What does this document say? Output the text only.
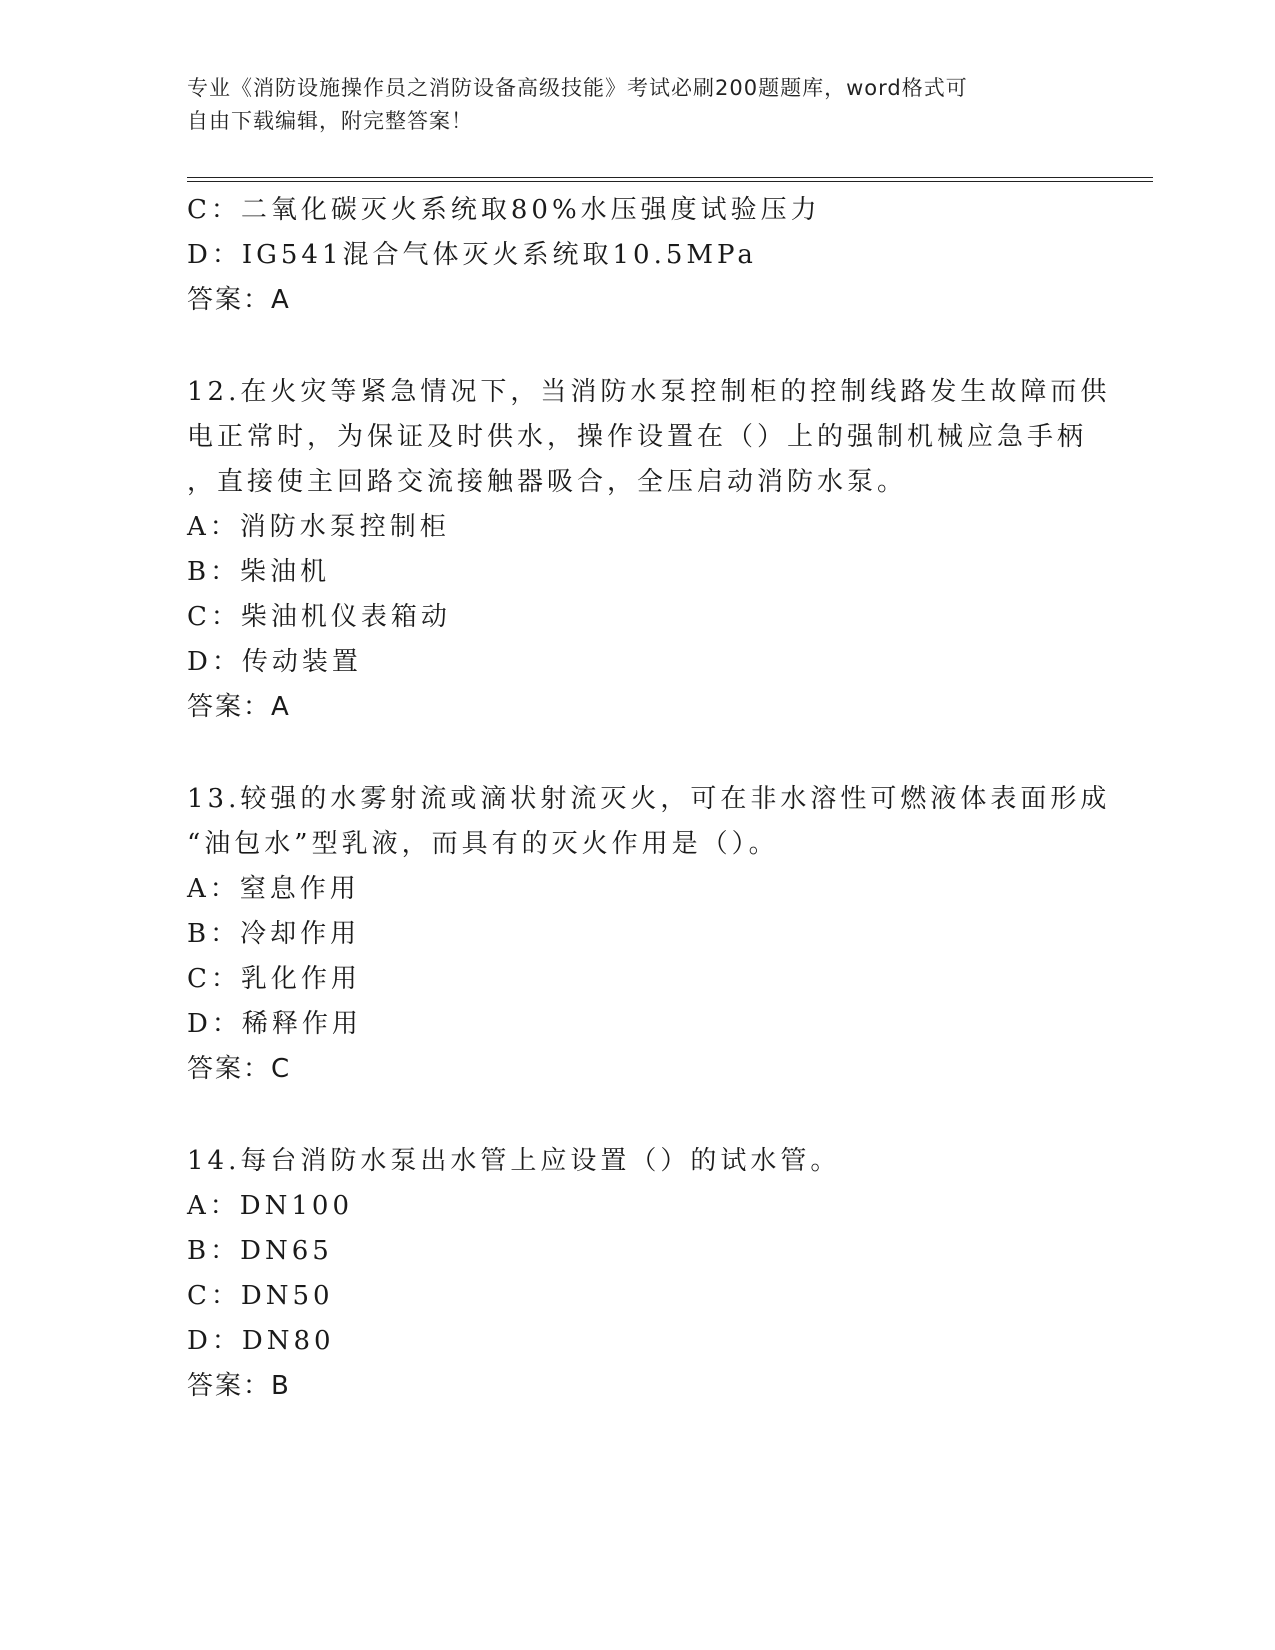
专业《消防设施操作员之消防设备高级技能》考试必刷200题题库，word格式可
自由下载编辑，附完整答案！
C：二氧化碳灭火系统取80%水压强度试验压力
D：IG541混合气体灭火系统取10.5MPa
答案：A
12.在火灾等紧急情况下，当消防水泵控制柜的控制线路发生故障而供
电正常时，为保证及时供水，操作设置在（）上的强制机械应急手柄
，直接使主回路交流接触器吸合，全压启动消防水泵。
A：消防水泵控制柜
B：柴油机
C：柴油机仪表箱动
D：传动装置
答案：A
13.较强的水雾射流或滴状射流灭火，可在非水溶性可燃液体表面形成
“油包水”型乳液，而具有的灭火作用是（）。
A：窒息作用
B：冷却作用
C：乳化作用
D：稀释作用
答案：C
14.每台消防水泵出水管上应设置（）的试水管。
A：DN100
B：DN65
C：DN50
D：DN80
答案：B
